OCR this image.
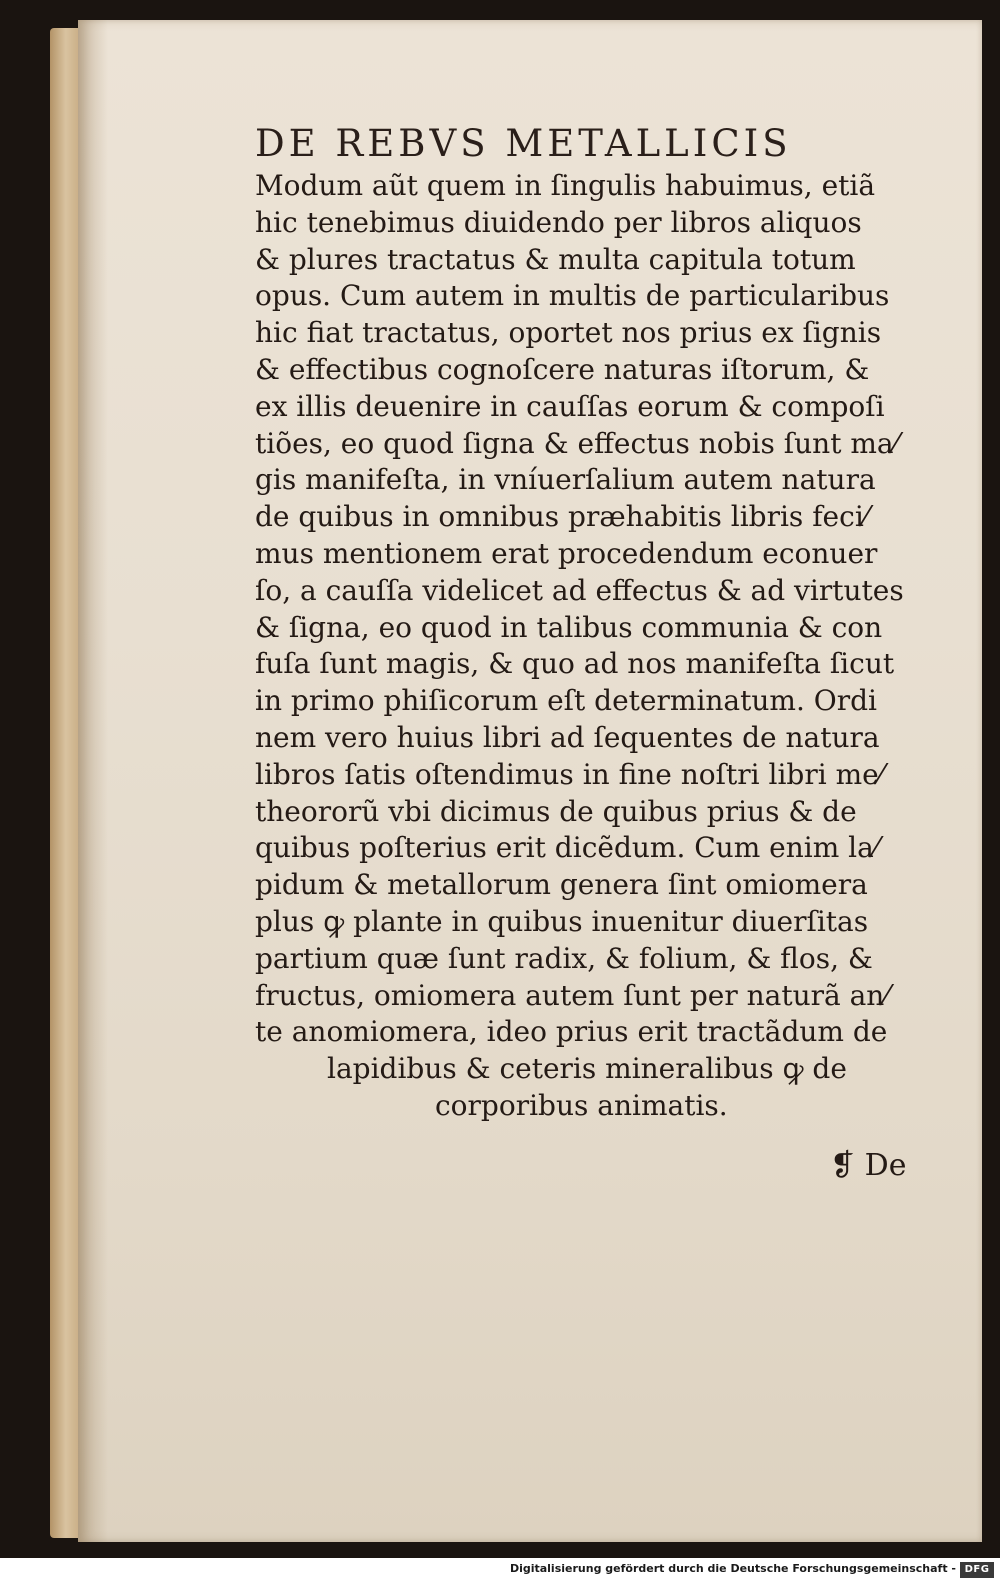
DE REBVS METALLICIS
Modum aũt quem in ſingulis habuimus, etiã
hic tenebimus diuidendo per libros aliquos
& plures tractatus & multa capitula totum
opus. Cum autem in multis de particularibus
hic fiat tractatus, oportet nos prius ex ſignis
& effectibus cognoſcere naturas iſtorum, &
ex illis deuenire in cauſſas eorum & compoſi
tiões, eo quod ſigna & effectus nobis ſunt ma⁄
gis manifeſta, in vníuerſalium autem natura
de quibus in omnibus præhabitis libris feci⁄
mus mentionem erat procedendum econuer
ſo, a cauſſa videlicet ad effectus & ad virtutes
& ſigna, eo quod in talibus communia & con
fuſa ſunt magis, & quo ad nos manifeſta ſicut
in primo phiſicorum eſt determinatum. Ordi
nem vero huius libri ad ſequentes de natura
libros ſatis oſtendimus in fine noſtri libri me⁄
theororũ vbi dicimus de quibus prius & de
quibus poſterius erit dicẽdum. Cum enim la⁄
pidum & metallorum genera ſint omiomera
plus ꝙ plante in quibus inuenitur diuerſitas
partium quæ ſunt radix, & folium, & flos, &
fructus, omiomera autem ſunt per naturã an⁄
te anomiomera, ideo prius erit tractãdum de
lapidibus & ceteris mineralibus ꝙ de
corporibus animatis.
❡ De
Digitalisierung gefördert durch die Deutsche Forschungsgemeinschaft - DFG
